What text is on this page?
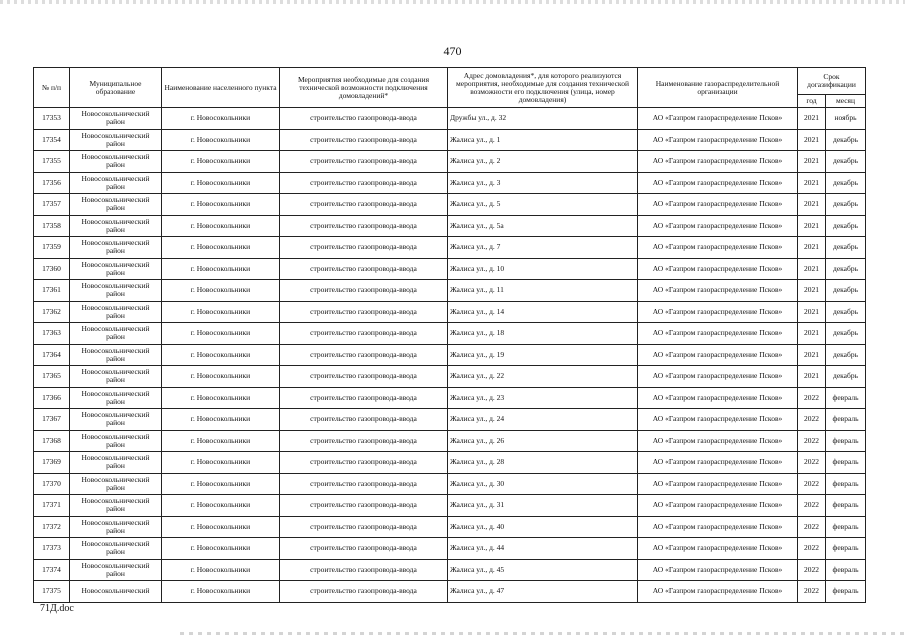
470
№ п/п	Муниципальное образование	Наименование населенного пункта	Мероприятия необходимые для создания технической возможности подключения домовладений*	Адрес домовладения*, для которого реализуются мероприятия, необходимые для создания технической возможности его подключения (улица, номер домовладения)	Наименование газораспределительной организации	Срок догазификации	
						год	месяц
17353	Новосокольнический район	г. Новосокольники	строительство газопровода-ввода	Дружбы ул., д. 32	АО «Газпром газораспределение Псков»	2021	ноябрь
17354	Новосокольнический район	г. Новосокольники	строительство газопровода-ввода	Жалиса ул., д. 1	АО «Газпром газораспределение Псков»	2021	декабрь
17355	Новосокольнический район	г. Новосокольники	строительство газопровода-ввода	Жалиса ул., д. 2	АО «Газпром газораспределение Псков»	2021	декабрь
17356	Новосокольнический район	г. Новосокольники	строительство газопровода-ввода	Жалиса ул., д. 3	АО «Газпром газораспределение Псков»	2021	декабрь
17357	Новосокольнический район	г. Новосокольники	строительство газопровода-ввода	Жалиса ул., д. 5	АО «Газпром газораспределение Псков»	2021	декабрь
17358	Новосокольнический район	г. Новосокольники	строительство газопровода-ввода	Жалиса ул., д. 5а	АО «Газпром газораспределение Псков»	2021	декабрь
17359	Новосокольнический район	г. Новосокольники	строительство газопровода-ввода	Жалиса ул., д. 7	АО «Газпром газораспределение Псков»	2021	декабрь
17360	Новосокольнический район	г. Новосокольники	строительство газопровода-ввода	Жалиса ул., д. 10	АО «Газпром газораспределение Псков»	2021	декабрь
17361	Новосокольнический район	г. Новосокольники	строительство газопровода-ввода	Жалиса ул., д. 11	АО «Газпром газораспределение Псков»	2021	декабрь
17362	Новосокольнический район	г. Новосокольники	строительство газопровода-ввода	Жалиса ул., д. 14	АО «Газпром газораспределение Псков»	2021	декабрь
17363	Новосокольнический район	г. Новосокольники	строительство газопровода-ввода	Жалиса ул., д. 18	АО «Газпром газораспределение Псков»	2021	декабрь
17364	Новосокольнический район	г. Новосокольники	строительство газопровода-ввода	Жалиса ул., д. 19	АО «Газпром газораспределение Псков»	2021	декабрь
17365	Новосокольнический район	г. Новосокольники	строительство газопровода-ввода	Жалиса ул., д. 22	АО «Газпром газораспределение Псков»	2021	декабрь
17366	Новосокольнический район	г. Новосокольники	строительство газопровода-ввода	Жалиса ул., д. 23	АО «Газпром газораспределение Псков»	2022	февраль
17367	Новосокольнический район	г. Новосокольники	строительство газопровода-ввода	Жалиса ул., д. 24	АО «Газпром газораспределение Псков»	2022	февраль
17368	Новосокольнический район	г. Новосокольники	строительство газопровода-ввода	Жалиса ул., д. 26	АО «Газпром газораспределение Псков»	2022	февраль
17369	Новосокольнический район	г. Новосокольники	строительство газопровода-ввода	Жалиса ул., д. 28	АО «Газпром газораспределение Псков»	2022	февраль
17370	Новосокольнический район	г. Новосокольники	строительство газопровода-ввода	Жалиса ул., д. 30	АО «Газпром газораспределение Псков»	2022	февраль
17371	Новосокольнический район	г. Новосокольники	строительство газопровода-ввода	Жалиса ул., д. 31	АО «Газпром газораспределение Псков»	2022	февраль
17372	Новосокольнический район	г. Новосокольники	строительство газопровода-ввода	Жалиса ул., д. 40	АО «Газпром газораспределение Псков»	2022	февраль
17373	Новосокольнический район	г. Новосокольники	строительство газопровода-ввода	Жалиса ул., д. 44	АО «Газпром газораспределение Псков»	2022	февраль
17374	Новосокольнический район	г. Новосокольники	строительство газопровода-ввода	Жалиса ул., д. 45	АО «Газпром газораспределение Псков»	2022	февраль
17375	Новосокольнический	г. Новосокольники	строительство газопровода-ввода	Жалиса ул., д. 47	АО «Газпром газораспределение Псков»	2022	февраль
71Д.doc
